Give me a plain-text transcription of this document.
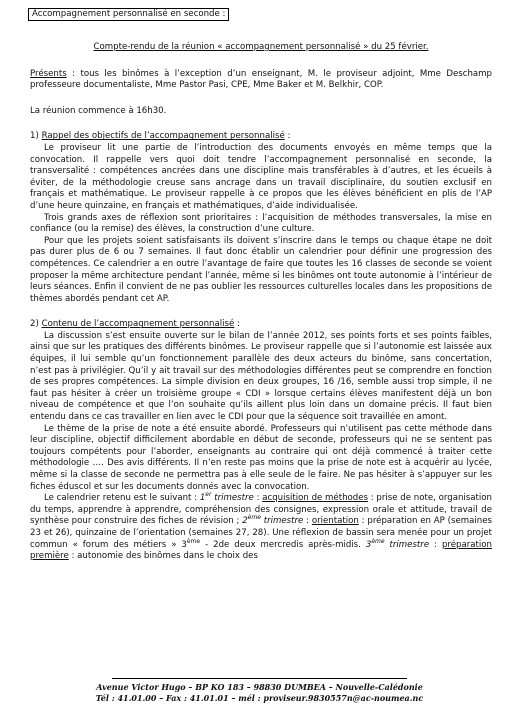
Accompagnement personnalisé en seconde :
Compte-rendu de la réunion « accompagnement personnalisé » du 25 février.
Présents : tous les binômes à l’exception d’un enseignant, M. le proviseur adjoint, Mme Deschamp professeure documentaliste, Mme Pastor Pasi, CPE, Mme Baker et M. Belkhir, COP.
La réunion commence à 16h30.
1) Rappel des objectifs de l’accompagnement personnalisé :

Le proviseur lit une partie de l’introduction des documents envoyés en même temps que la convocation. Il rappelle vers quoi doit tendre l’accompagnement personnalisé en seconde, la transversalité : compétences ancrées dans une discipline mais transférables à d’autres, et les écueils à éviter, de la méthodologie creuse sans ancrage dans un travail disciplinaire, du soutien exclusif en français et mathématique. Le proviseur rappelle à ce propos que les élèves bénéficient en plis de l’AP d’une heure quinzaine, en français et mathématiques, d’aide individualisée.

Trois grands axes de réflexion sont prioritaires : l’acquisition de méthodes transversales, la mise en confiance (ou la remise) des élèves, la construction d’une culture.

Pour que les projets soient satisfaisants ils doivent s’inscrire dans le temps ou chaque étape ne doit pas durer plus de 6 ou 7 semaines. Il faut donc établir un calendrier pour définir une progression des compétences. Ce calendrier a en outre l’avantage de faire que toutes les 16 classes de seconde se voient proposer la même architecture pendant l’année, même si les binômes ont toute autonomie à l’intérieur de leurs séances. Enfin il convient de ne pas oublier les ressources culturelles locales dans les propositions de thèmes abordés pendant cet AP.

2) Contenu de l’accompagnement personnalisé :

La discussion s’est ensuite ouverte sur le bilan de l’année 2012, ses points forts et ses points faibles, ainsi que sur les pratiques des différents binômes. Le proviseur rappelle que si l’autonomie est laissée aux équipes, il lui semble qu’un fonctionnement parallèle des deux acteurs du binôme, sans concertation, n’est pas à privilégier. Qu’il y ait travail sur des méthodologies différentes peut se comprendre en fonction de ses propres compétences. La simple division en deux groupes, 16 /16, semble aussi trop simple, il ne faut pas hésiter à créer un troisième groupe « CDI » lorsque certains élèves manifestent déjà un bon niveau de compétence et que l’on souhaite qu’ils aillent plus loin dans un domaine précis. Il faut bien entendu dans ce cas travailler en lien avec le CDI pour que la séquence soit travaillée en amont.

Le thème de la prise de note a été ensuite abordé. Professeurs qui n’utilisent pas cette méthode dans leur discipline, objectif difficilement abordable en début de seconde, professeurs qui ne se sentent pas toujours compétents pour l’aborder, enseignants au contraire qui ont déjà commencé à traiter cette méthodologie …. Des avis différents. Il n’en reste pas moins que la prise de note est à acquérir au lycée, même si la classe de seconde ne permettra pas à elle seule de le faire. Ne pas hésiter à s’appuyer sur les fiches éduscol et sur les documents donnés avec la convocation.

Le calendrier retenu est le suivant : 1er trimestre : acquisition de méthodes : prise de note, organisation du temps, apprendre à apprendre, compréhension des consignes, expression orale et attitude, travail de synthèse pour construire des fiches de révision ; 2ème trimestre : orientation : préparation en AP (semaines 23 et 26), quinzaine de l’orientation (semaines 27, 28). Une réflexion de bassin sera menée pour un projet commun « forum des métiers » 3ème - 2de deux mercredis après-midis. 3ème trimestre : préparation première : autonomie des binômes dans le choix des

Avenue Victor Hugo – BP KO 183 – 98830 DUMBEA – Nouvelle-Calédonie
Tél : 41.01.00 – Fax : 41.01.01 – mél : proviseur.9830557n@ac-noumea.nc
